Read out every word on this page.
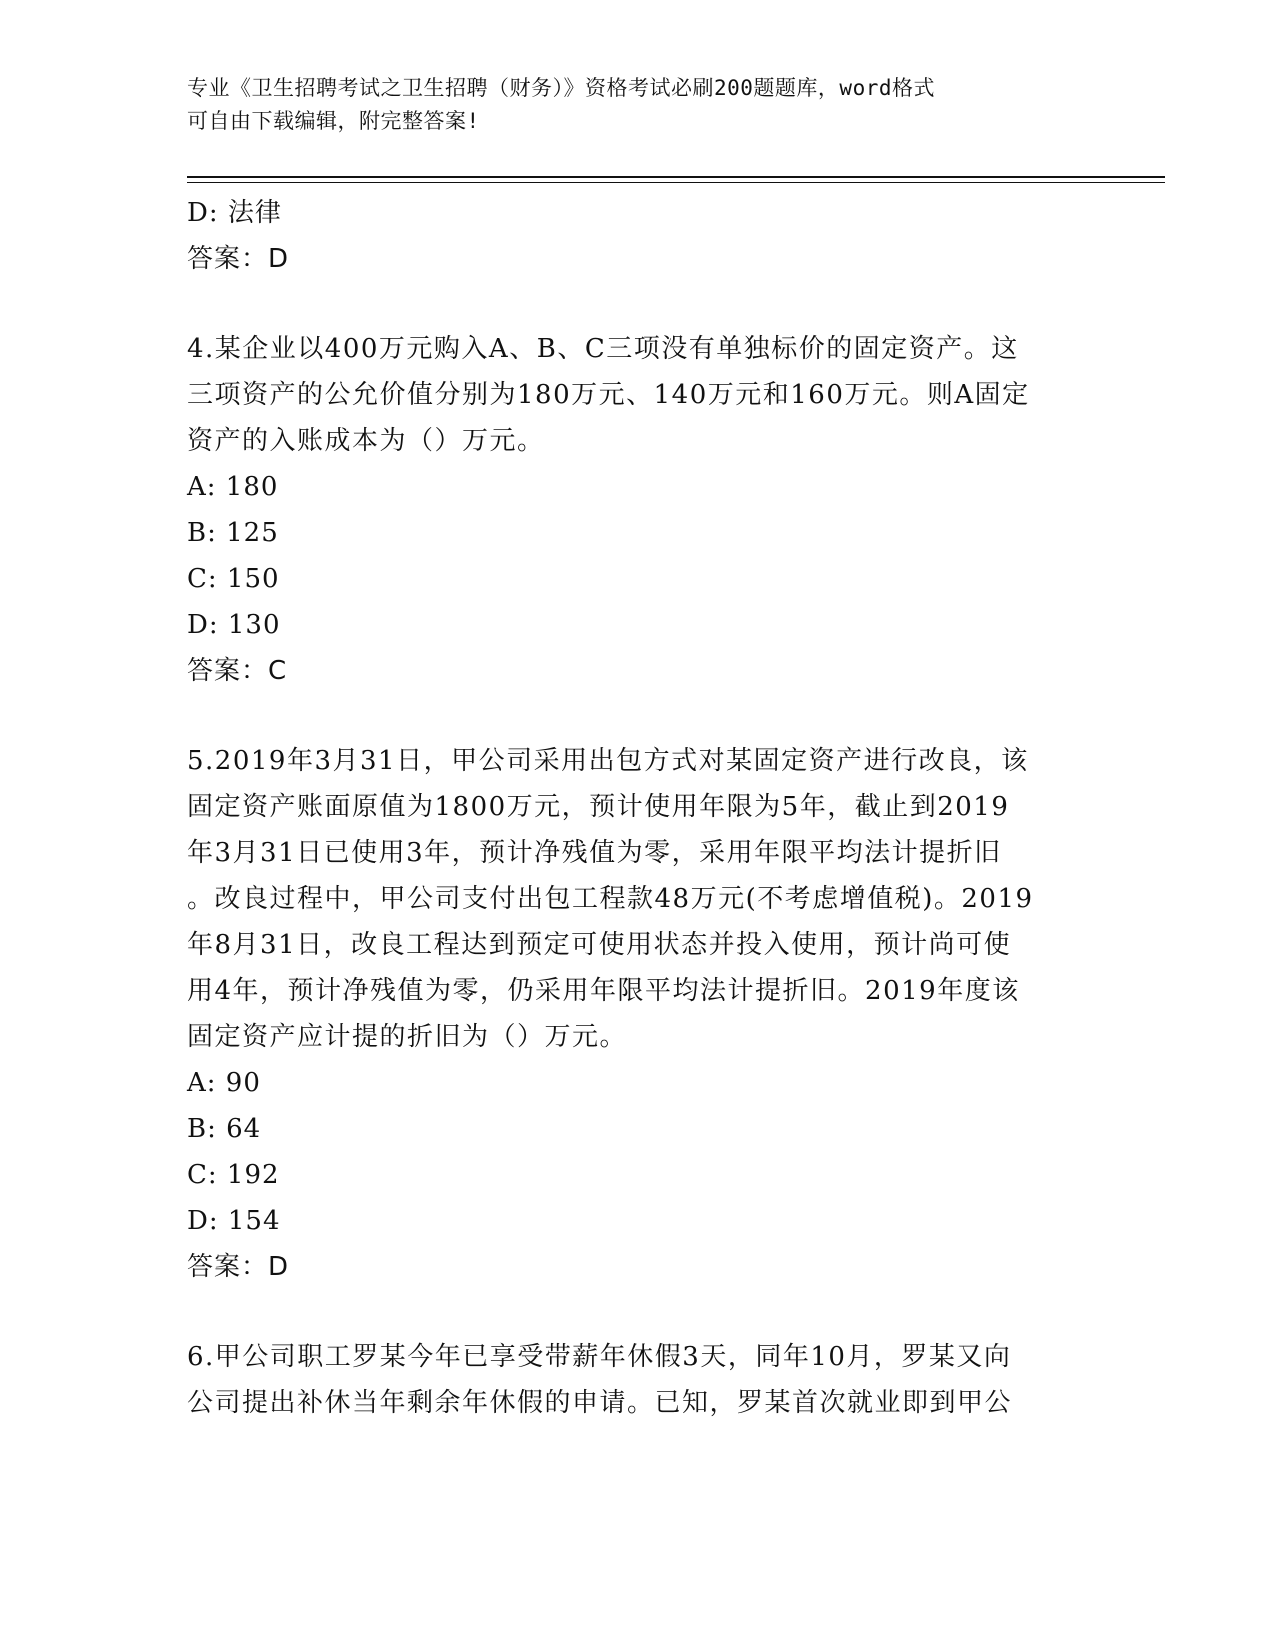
专业《卫生招聘考试之卫生招聘（财务）》资格考试必刷200题题库，word格式
可自由下载编辑，附完整答案!
D: 法律
答案：D
4.某企业以400万元购入A、B、C三项没有单独标价的固定资产。这
三项资产的公允价值分别为180万元、140万元和160万元。则A固定
资产的入账成本为（）万元。
A: 180
B: 125
C: 150
D: 130
答案：C
5.2019年3月31日，甲公司采用出包方式对某固定资产进行改良，该
固定资产账面原值为1800万元，预计使用年限为5年，截止到2019
年3月31日已使用3年，预计净残值为零，采用年限平均法计提折旧
。改良过程中，甲公司支付出包工程款48万元(不考虑增值税)。2019
年8月31日，改良工程达到预定可使用状态并投入使用，预计尚可使
用4年，预计净残值为零，仍采用年限平均法计提折旧。2019年度该
固定资产应计提的折旧为（）万元。
A: 90
B: 64
C: 192
D: 154
答案：D
6.甲公司职工罗某今年已享受带薪年休假3天，同年10月，罗某又向
公司提出补休当年剩余年休假的申请。已知，罗某首次就业即到甲公
